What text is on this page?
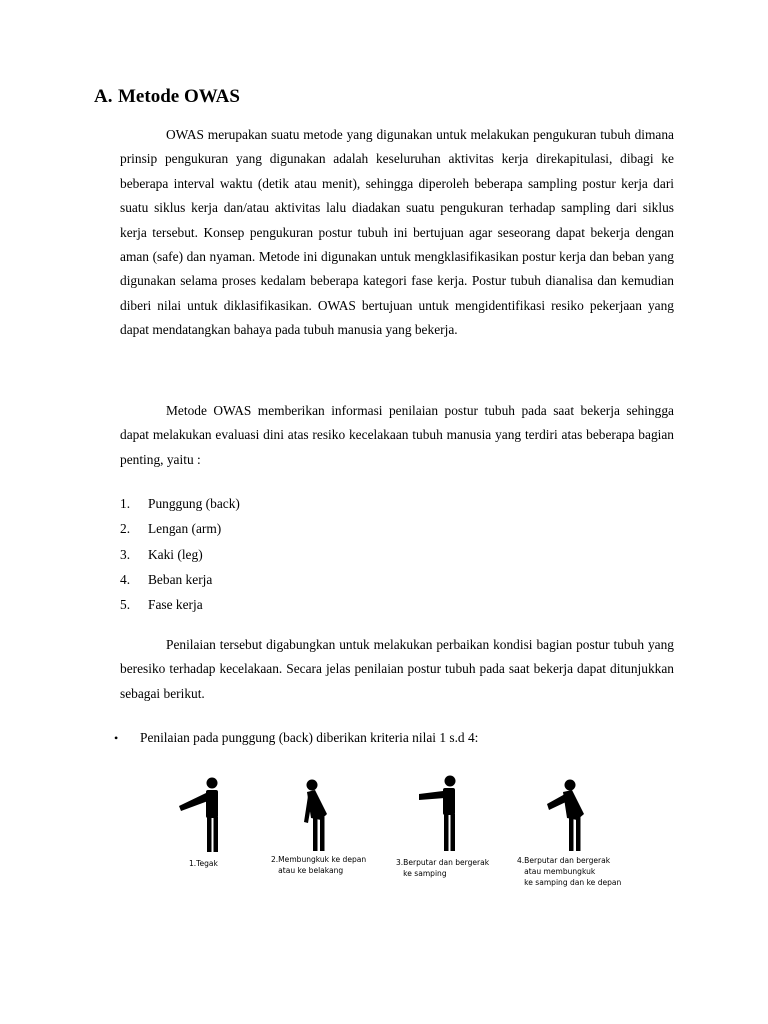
A. Metode OWAS

OWAS merupakan suatu metode yang digunakan untuk melakukan pengukuran tubuh dimana prinsip pengukuran yang digunakan adalah keseluruhan aktivitas kerja direkapitulasi, dibagi ke beberapa interval waktu (detik atau menit), sehingga diperoleh beberapa sampling postur kerja dari suatu siklus kerja dan/atau aktivitas lalu diadakan suatu pengukuran terhadap sampling dari siklus kerja tersebut. Konsep pengukuran postur tubuh ini bertujuan agar seseorang dapat bekerja dengan aman (safe) dan nyaman. Metode ini digunakan untuk mengklasifikasikan postur kerja dan beban yang digunakan selama proses kedalam beberapa kategori fase kerja. Postur tubuh dianalisa dan kemudian diberi nilai untuk diklasifikasikan. OWAS bertujuan untuk mengidentifikasi resiko pekerjaan yang dapat mendatangkan bahaya pada tubuh manusia yang bekerja.

Metode OWAS memberikan informasi penilaian postur tubuh pada saat bekerja sehingga dapat melakukan evaluasi dini atas resiko kecelakaan tubuh manusia yang terdiri atas beberapa bagian penting, yaitu :

1. Punggung (back)
2. Lengan (arm)
3. Kaki (leg)
4. Beban kerja
5. Fase kerja

Penilaian tersebut digabungkan untuk melakukan perbaikan kondisi bagian postur tubuh yang beresiko terhadap kecelakaan. Secara jelas penilaian postur tubuh pada saat bekerja dapat ditunjukkan sebagai berikut.

• Penilaian pada punggung (back) diberikan kriteria nilai 1 s.d 4:
1.Tegak	2.Membungkuk ke depan
atau ke belakang
3.Berputar dan bergerak
ke samping
4.Berputar dan bergerak
atau membungkuk
ke samping dan ke depan
